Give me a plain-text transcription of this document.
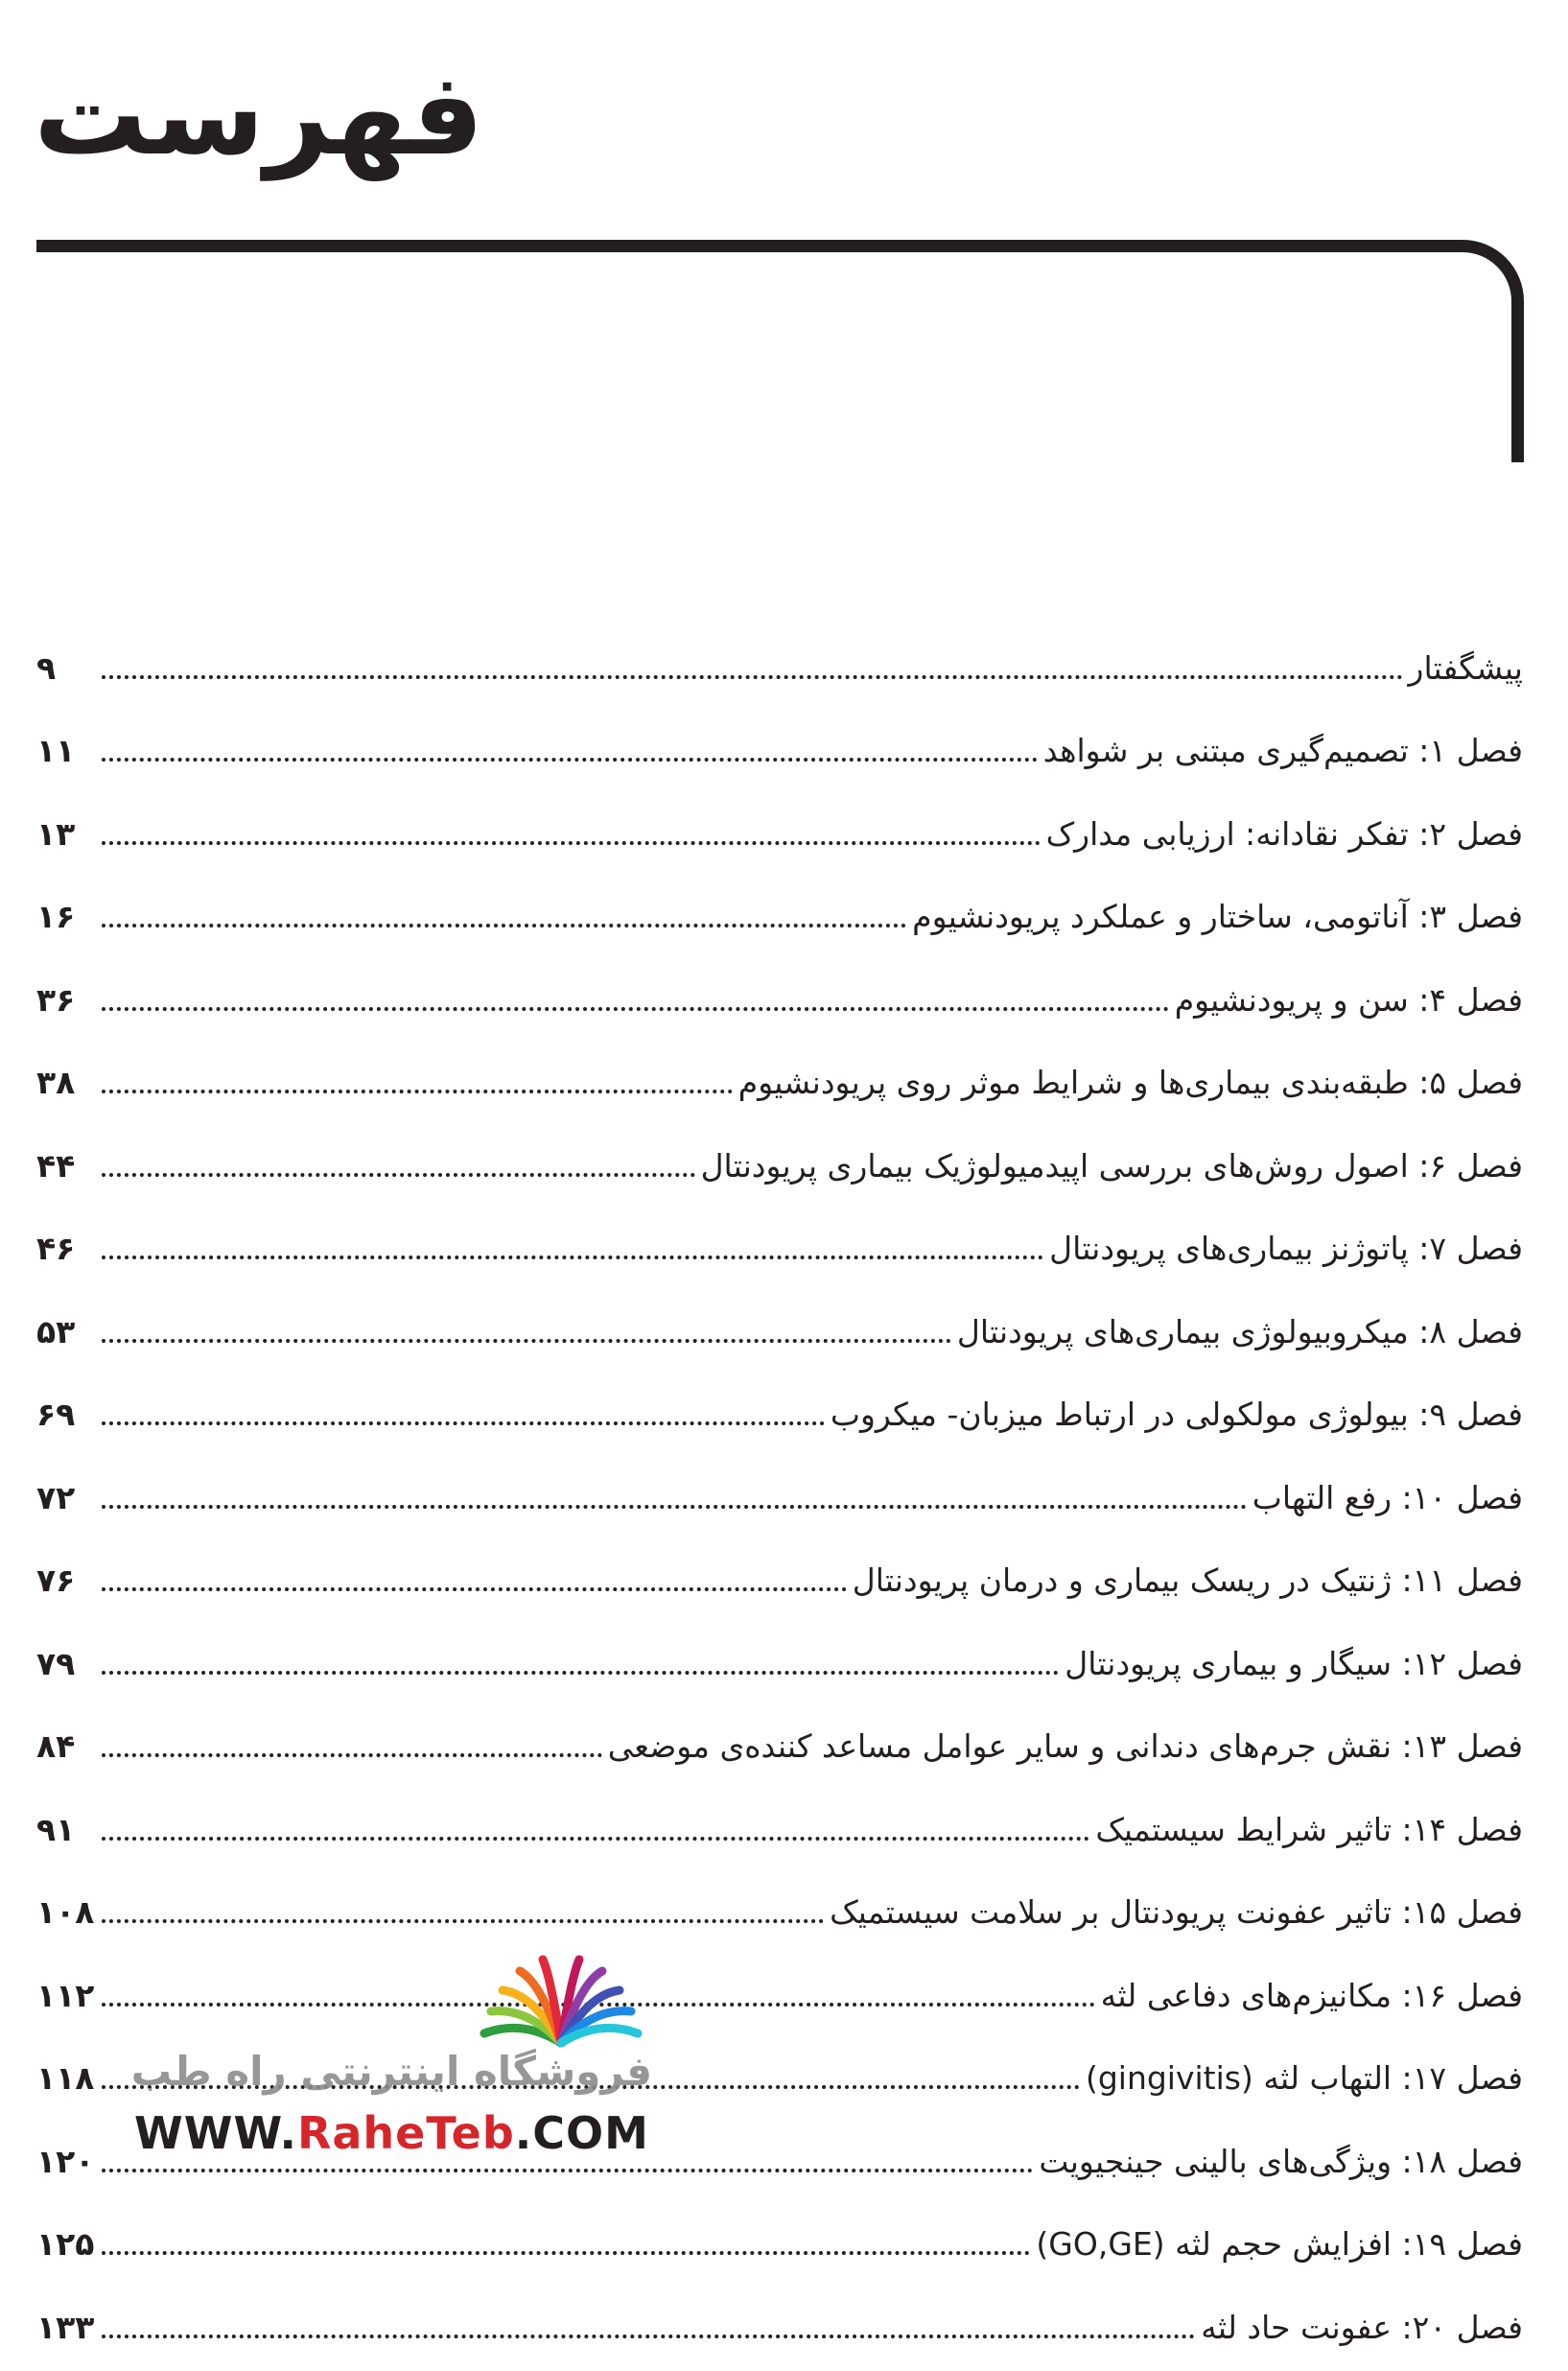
فهرست
پیشگفتار
۹
فصل ۱: تصمیم‌گیری مبتنی بر شواهد
۱۱
فصل ۲: تفکر نقادانه: ارزیابی مدارک
۱۳
فصل ۳: آناتومی، ساختار و عملکرد پریودنشیوم
۱۶
فصل ۴: سن و پریودنشیوم
۳۶
فصل ۵: طبقه‌بندی بیماری‌ها و شرایط موثر روی پریودنشیوم
۳۸
فصل ۶: اصول روش‌های بررسی اپیدمیولوژیک بیماری پریودنتال
۴۴
فصل ۷: پاتوژنز بیماری‌های پریودنتال
۴۶
فصل ۸: میکروبیولوژی بیماری‌های پریودنتال
۵۳
فصل ۹: بیولوژی مولکولی در ارتباط میزبان- میکروب
۶۹
فصل ۱۰: رفع التهاب
۷۲
فصل ۱۱: ژنتیک در ریسک بیماری و درمان پریودنتال
۷۶
فصل ۱۲: سیگار و بیماری پریودنتال
۷۹
فصل ۱۳: نقش جرم‌های دندانی و سایر عوامل مساعد کننده‌ی موضعی
۸۴
فصل ۱۴: تاثیر شرایط سیستمیک
۹۱
فصل ۱۵: تاثیر عفونت پریودنتال بر سلامت سیستمیک
۱۰۸
فصل ۱۶: مکانیزم‌های دفاعی لثه
۱۱۲
فصل ۱۷: التهاب لثه (gingivitis)
۱۱۸
فصل ۱۸: ویژگی‌های بالینی جینجیویت
۱۲۰
فصل ۱۹: افزایش حجم لثه (GO,GE)
۱۲۵
فصل ۲۰: عفونت حاد لثه
۱۳۳
فروشگاه اینترنتی راه طب
WWW.RaheTeb.COM
